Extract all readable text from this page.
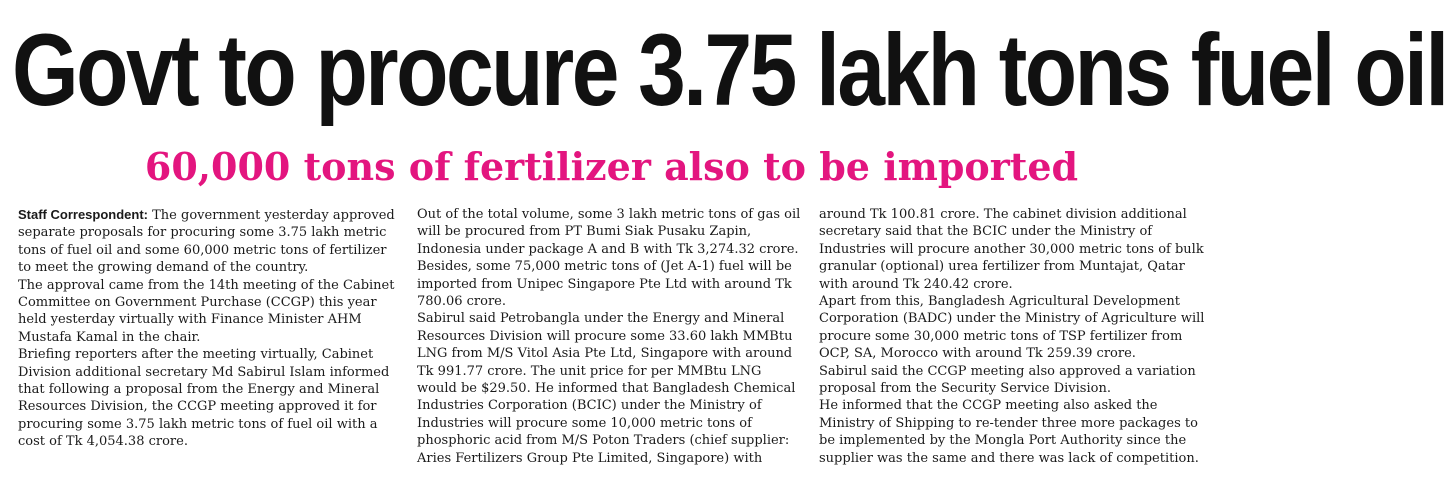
Govt to procure 3.75 lakh tons fuel oil
60,000 tons of fertilizer also to be imported

Staff Correspondent: The government yesterday approved separate proposals for procuring some 3.75 lakh metric tons of fuel oil and some 60,000 metric tons of fertilizer to meet the growing demand of the country.

The approval came from the 14th meeting of the Cabinet Committee on Government Purchase (CCGP) this year held yesterday virtually with Finance Minister AHM Mustafa Kamal in the chair.

Briefing reporters after the meeting virtually, Cabinet Division additional secretary Md Sabirul Islam informed that following a proposal from the Energy and Mineral Resources Division, the CCGP meeting approved it for procuring some 3.75 lakh metric tons of fuel oil with a cost of Tk 4,054.38 crore.

Out of the total volume, some 3 lakh metric tons of gas oil will be procured from PT Bumi Siak Pusaku Zapin, Indonesia under package A and B with Tk 3,274.32 crore. Besides, some 75,000 metric tons of (Jet A-1) fuel will be imported from Unipec Singapore Pte Ltd with around Tk 780.06 crore.

Sabirul said Petrobangla under the Energy and Mineral Resources Division will procure some 33.60 lakh MMBtu LNG from M/S Vitol Asia Pte Ltd, Singapore with around Tk 991.77 crore. The unit price for per MMBtu LNG would be $29.50. He informed that Bangladesh Chemical Industries Corporation (BCIC) under the Ministry of Industries will procure some 10,000 metric tons of phosphoric acid from M/S Poton Traders (chief supplier: Aries Fertilizers Group Pte Limited, Singapore) with

around Tk 100.81 crore. The cabinet division additional secretary said that the BCIC under the Ministry of Industries will procure another 30,000 metric tons of bulk granular (optional) urea fertilizer from Muntajat, Qatar with around Tk 240.42 crore.

Apart from this, Bangladesh Agricultural Development Corporation (BADC) under the Ministry of Agriculture will procure some 30,000 metric tons of TSP fertilizer from OCP, SA, Morocco with around Tk 259.39 crore.

Sabirul said the CCGP meeting also approved a variation proposal from the Security Service Division.

He informed that the CCGP meeting also asked the Ministry of Shipping to re-tender three more packages to be implemented by the Mongla Port Authority since the supplier was the same and there was lack of competition.
